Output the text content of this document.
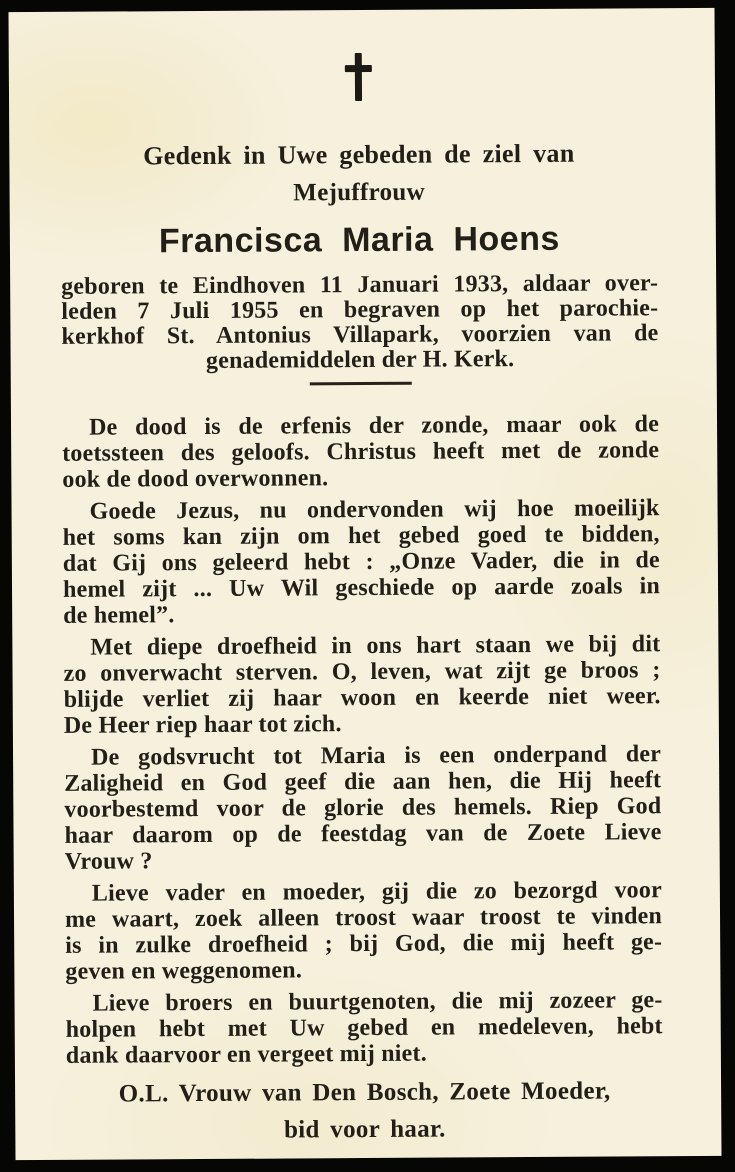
Gedenk in Uwe gebeden de ziel van
Mejuffrouw
Francisca Maria Hoens
geboren te Eindhoven 11 Januari 1933, aldaar over-
leden 7 Juli 1955 en begraven op het parochie-
kerkhof St. Antonius Villapark, voorzien van de
genademiddelen der H. Kerk.
De dood is de erfenis der zonde, maar ook de
toetssteen des geloofs. Christus heeft met de zonde
ook de dood overwonnen.
Goede Jezus, nu ondervonden wij hoe moeilijk
het soms kan zijn om het gebed goed te bidden,
dat Gij ons geleerd hebt : „Onze Vader, die in de
hemel zijt ... Uw Wil geschiede op aarde zoals in
de hemel”.
Met diepe droefheid in ons hart staan we bij dit
zo onverwacht sterven. O, leven, wat zijt ge broos ;
blijde verliet zij haar woon en keerde niet weer.
De Heer riep haar tot zich.
De godsvrucht tot Maria is een onderpand der
Zaligheid en God geef die aan hen, die Hij heeft
voorbestemd voor de glorie des hemels. Riep God
haar daarom op de feestdag van de Zoete Lieve
Vrouw ?
Lieve vader en moeder, gij die zo bezorgd voor
me waart, zoek alleen troost waar troost te vinden
is in zulke droefheid ; bij God, die mij heeft ge-
geven en weggenomen.
Lieve broers en buurtgenoten, die mij zozeer ge-
holpen hebt met Uw gebed en medeleven, hebt
dank daarvoor en vergeet mij niet.
O.L. Vrouw van Den Bosch, Zoete Moeder,
bid voor haar.
